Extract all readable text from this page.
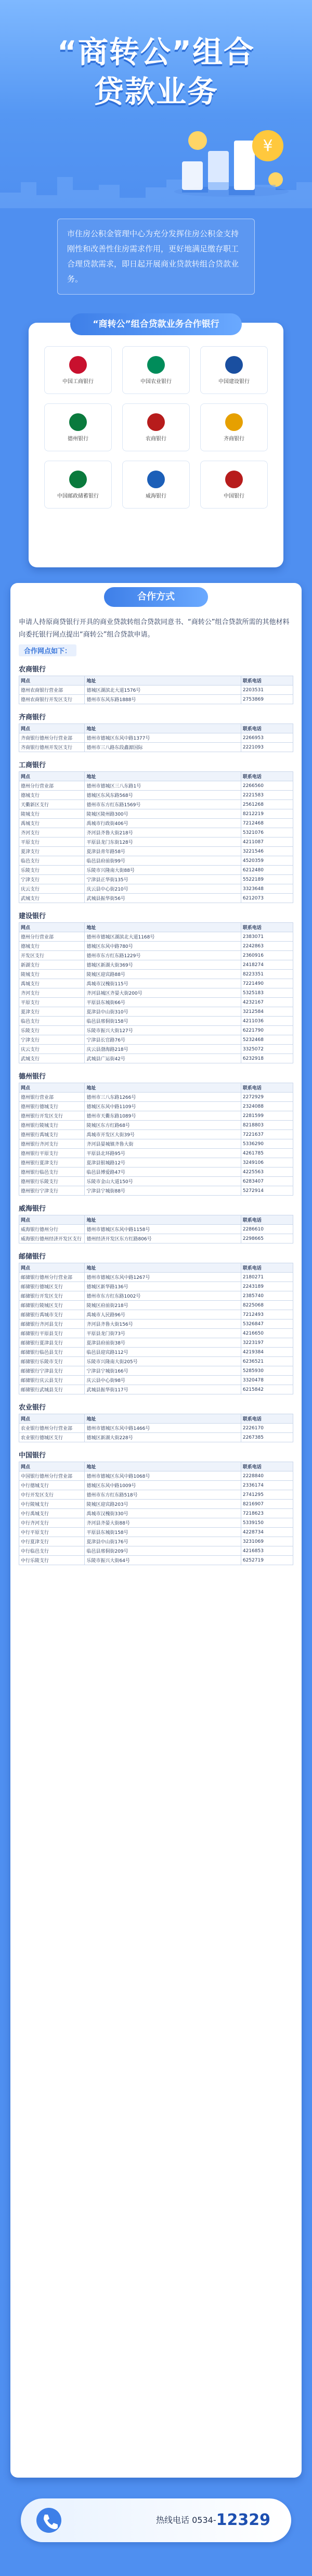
“商转公”组合
贷款业务
¥
市住房公积金管理中心为充分发挥住房公积金支持刚性和改善性住房需求作用，更好地满足缴存职工合理贷款需求，即日起开展商业贷款转组合贷款业务。
“商转公”组合贷款业务合作银行
中国工商银行	中国农业银行	中国建设银行
德州银行	农商银行	齐商银行
中国邮政储蓄银行	威海银行	中国银行
合作方式

申请人持原商贷银行开具的商业贷款转组合贷款同意书、“商转公”组合贷款所需的其他材料向委托银行网点提出“商转公”组合贷款申请。

合作网点如下：
农商银行
网点	地址	联系电话
德州农商银行营业部	德城区湖滨北大道1576号	2203531
德州农商银行开发区支行	德州市东风东路1888号	2753869
齐商银行
网点	地址	联系电话
齐商银行德州分行营业部	德州市德城区东风中路1377号	2266953
齐商银行德州开发区支行	德州市三八路东段鑫源国际	2221093
工商银行
网点	地址	联系电话
德州分行营业部	德州市德城区三八东路1号	2266560
德城支行	德城区东风东路568号	2221583
天衢新区支行	德州市东方红东路1569号	2561268
陵城支行	陵城区陵州路300号	8212219
禹城支行	禹城市行政街406号	7212468
齐河支行	齐河县齐鲁大街218号	5321076
平原支行	平原县龙门东街128号	4211087
夏津支行	夏津县青年路58号	3221546
临邑支行	临邑县府前街99号	4520359
乐陵支行	乐陵市兴隆南大街88号	6212480
宁津支行	宁津县正华街135号	5522189
庆云支行	庆云县中心街210号	3323648
武城支行	武城县振华街56号	6212073
建设银行
网点	地址	联系电话
德州分行营业部	德州市德城区湖滨北大道1168号	2383071
德城支行	德城区东风中路780号	2242863
开发区支行	德州市东方红东路1229号	2360916
新湖支行	德城区新湖大街369号	2418274
陵城支行	陵城区迎宾路88号	8223351
禹城支行	禹城市汉槐街115号	7221490
齐河支行	齐河县城区齐晏大街200号	5325183
平原支行	平原县东城街66号	4232167
夏津支行	夏津县中山街310号	3212584
临邑支行	临邑县邢侗街158号	4211036
乐陵支行	乐陵市振兴大街127号	6221790
宁津支行	宁津县长官路76号	5232468
庆云支行	庆云县渤海路218号	3325072
武城支行	武城县广运街42号	6232918
德州银行
网点	地址	联系电话
德州银行营业部	德州市三八东路1266号	2272929
德州银行德城支行	德城区东风中路1109号	2324088
德州银行开发区支行	德州市天衢东路1089号	2281599
德州银行陵城支行	陵城区东方红路68号	8218803
德州银行禹城支行	禹城市开发区大街39号	7221637
德州银行齐河支行	齐河县晏城镇齐鲁大街	5336290
德州银行平原支行	平原县北环路95号	4261785
德州银行夏津支行	夏津县银城路12号	3249106
德州银行临邑支行	临邑县博爱路47号	4225563
德州银行乐陵支行	乐陵市金山大道150号	6283407
德州银行宁津支行	宁津县宁城街88号	5272914
威海银行
网点	地址	联系电话
威海银行德州分行	德州市德城区东风中路1158号	2286610
威海银行德州经济开发区支行	德州经济开发区东方红路806号	2298665
邮储银行
网点	地址	联系电话
邮储银行德州分行营业部	德州市德城区东风中路1267号	2180271
邮储银行德城区支行	德城区新华路136号	2243189
邮储银行开发区支行	德州市东方红东路1002号	2385740
邮储银行陵城区支行	陵城区府前街218号	8225068
邮储银行禹城市支行	禹城市人民路96号	7212493
邮储银行齐河县支行	齐河县齐鲁大街156号	5326847
邮储银行平原县支行	平原县龙门街73号	4216650
邮储银行夏津县支行	夏津县府前街38号	3223197
邮储银行临邑县支行	临邑县迎宾路112号	4219384
邮储银行乐陵市支行	乐陵市兴隆南大街205号	6236521
邮储银行宁津县支行	宁津县宁城街166号	5285930
邮储银行庆云县支行	庆云县中心街98号	3320478
邮储银行武城县支行	武城县振华街117号	6215842
农业银行
网点	地址	联系电话
农业银行德州分行营业部	德州市德城区东风中路1466号	2226170
农业银行德城区支行	德城区新湖大街228号	2267385
中国银行
网点	地址	联系电话
中国银行德州分行营业部	德州市德城区东风中路1068号	2228840
中行德城支行	德城区东风中路1009号	2336174
中行开发区支行	德州市东方红东路518号	2741295
中行陵城支行	陵城区迎宾路203号	8216907
中行禹城支行	禹城市汉槐街330号	7218623
中行齐河支行	齐河县齐晏大街88号	5339150
中行平原支行	平原县东城街158号	4228734
中行夏津支行	夏津县中山街176号	3231069
中行临邑支行	临邑县邢侗街209号	4216853
中行乐陵支行	乐陵市振兴大街64号	6252719
热线电话 0534-12329
